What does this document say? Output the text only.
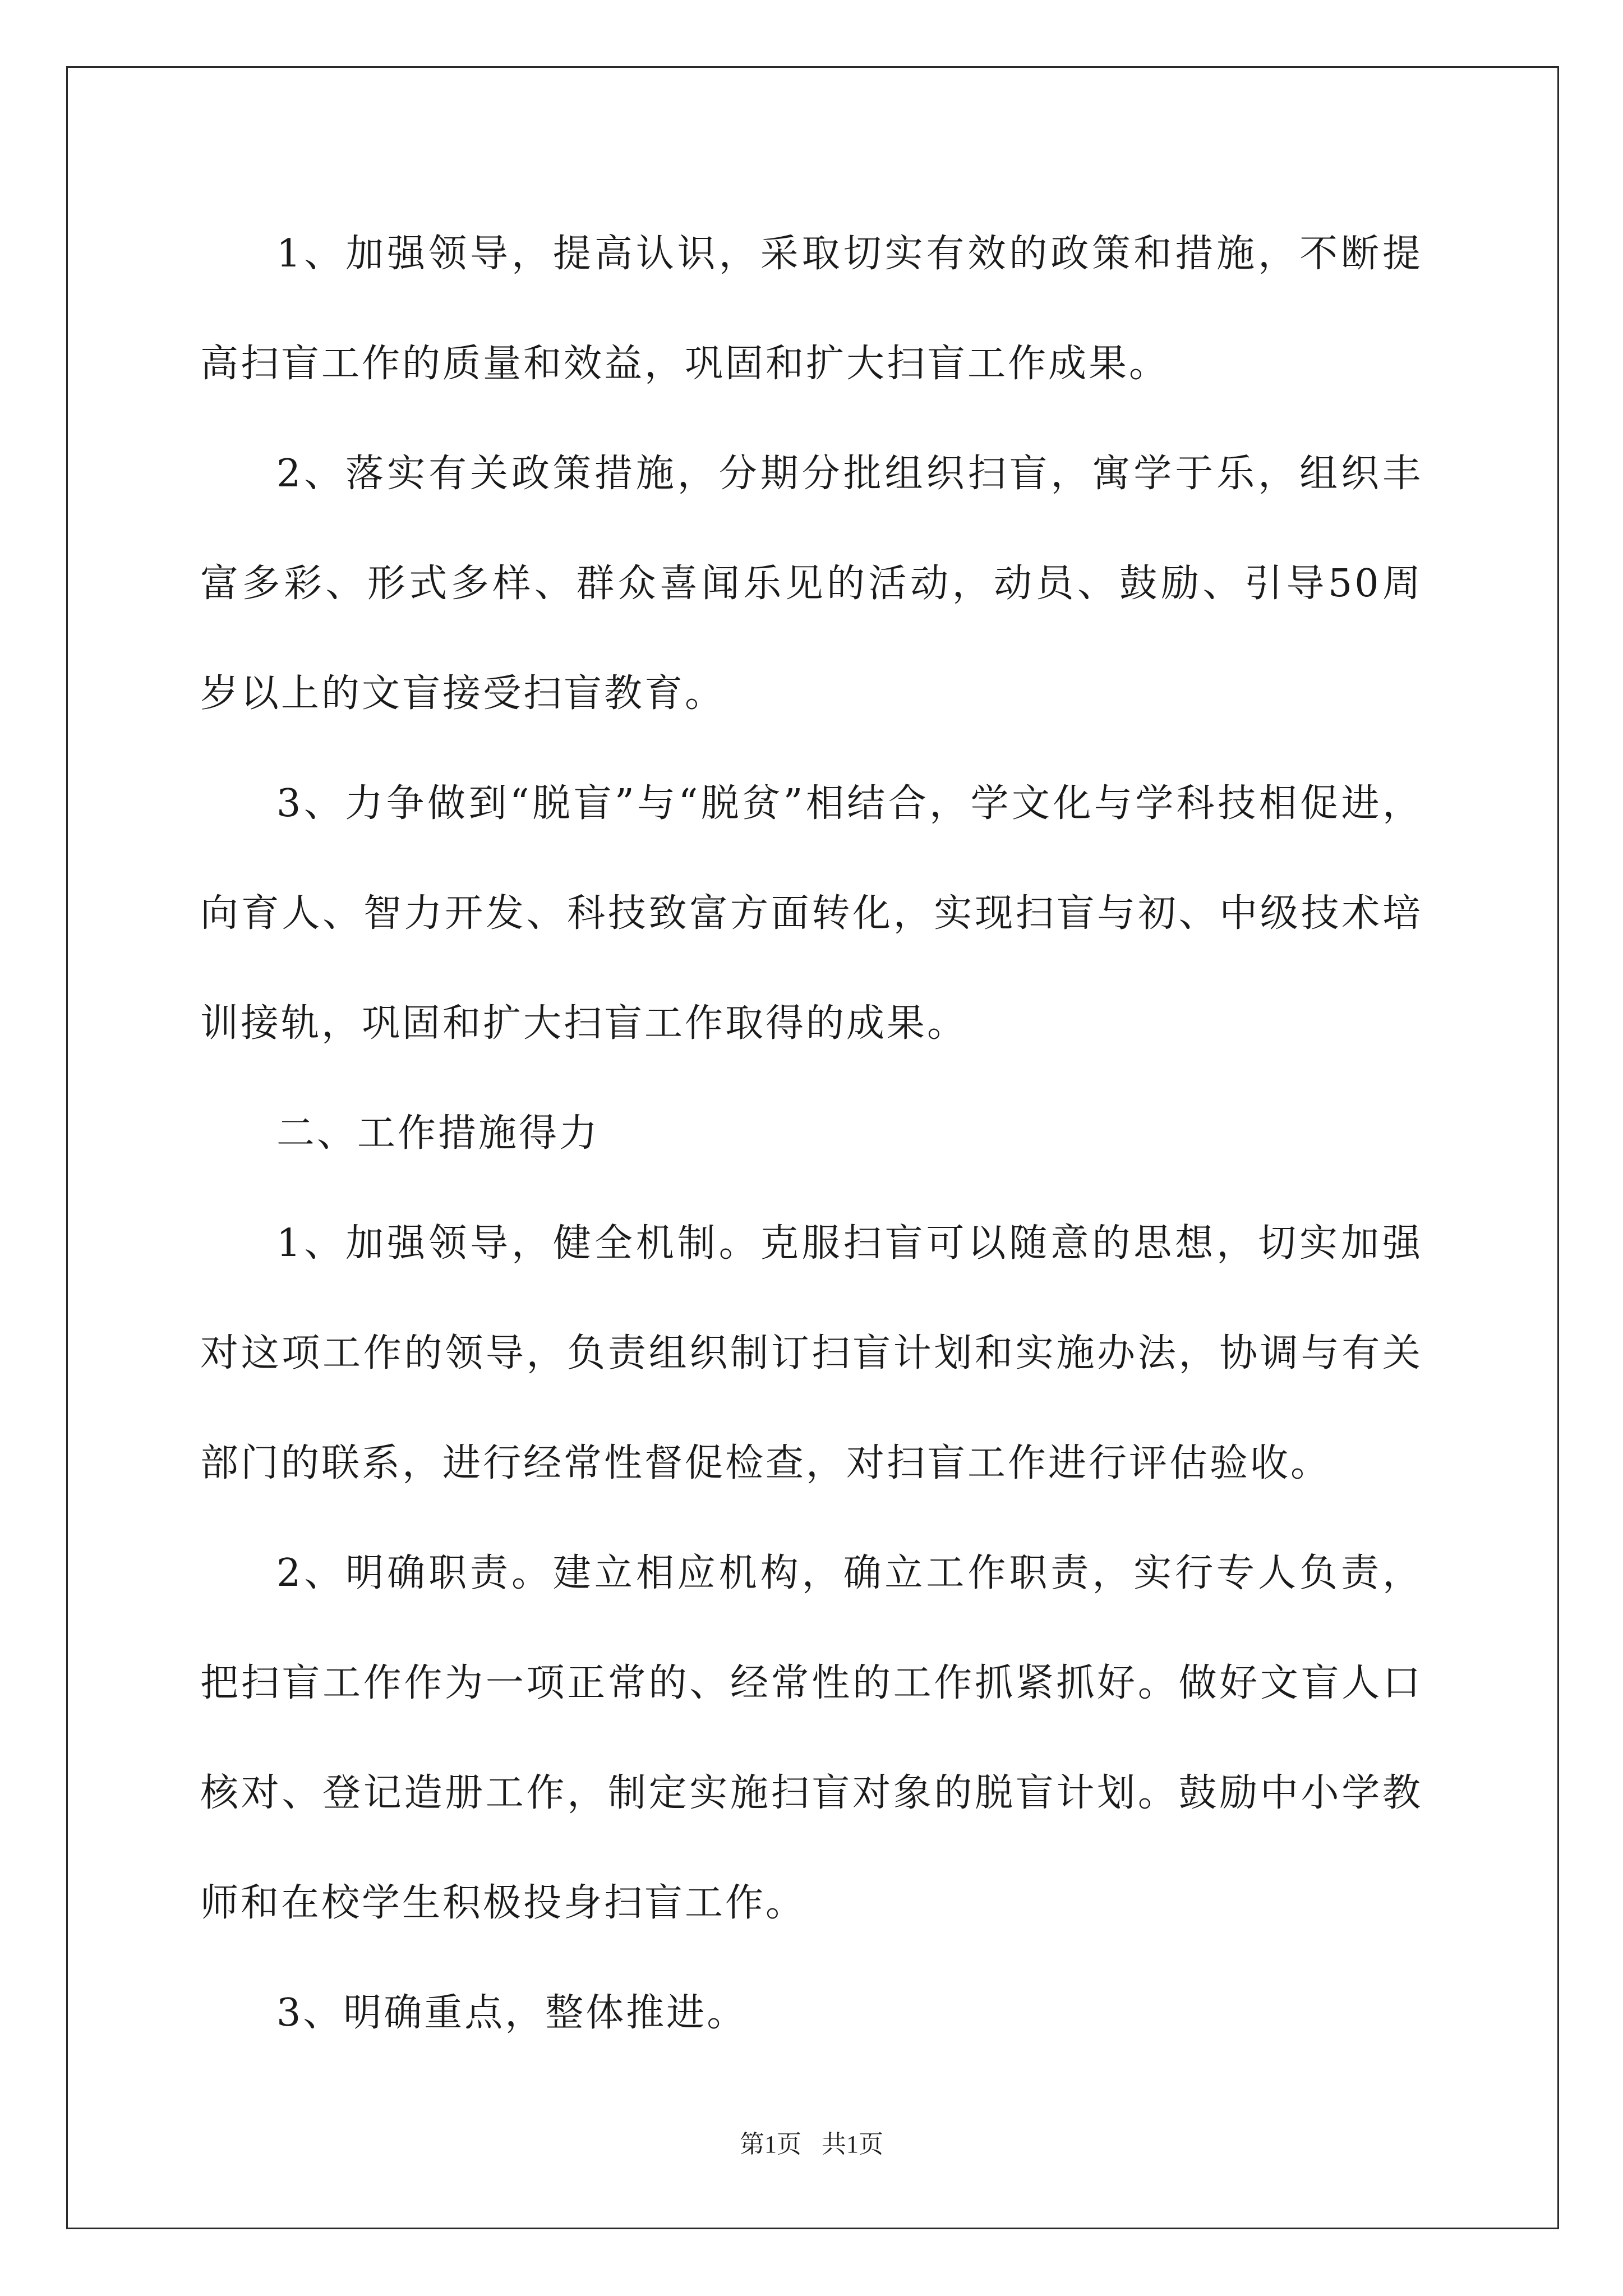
1、加强领导，提高认识，采取切实有效的政策和措施，不断提高扫盲工作的质量和效益，巩固和扩大扫盲工作成果。

2、落实有关政策措施，分期分批组织扫盲，寓学于乐，组织丰富多彩、形式多样、群众喜闻乐见的活动，动员、鼓励、引导50周岁以上的文盲接受扫盲教育。

3、力争做到“脱盲”与“脱贫”相结合，学文化与学科技相促进，向育人、智力开发、科技致富方面转化，实现扫盲与初、中级技术培训接轨，巩固和扩大扫盲工作取得的成果。

二、工作措施得力

1、加强领导，健全机制。克服扫盲可以随意的思想，切实加强对这项工作的领导，负责组织制订扫盲计划和实施办法，协调与有关部门的联系，进行经常性督促检查，对扫盲工作进行评估验收。

2、明确职责。建立相应机构，确立工作职责，实行专人负责，把扫盲工作作为一项正常的、经常性的工作抓紧抓好。做好文盲人口核对、登记造册工作，制定实施扫盲对象的脱盲计划。鼓励中小学教师和在校学生积极投身扫盲工作。

3、明确重点，整体推进。

第1页 共1页
